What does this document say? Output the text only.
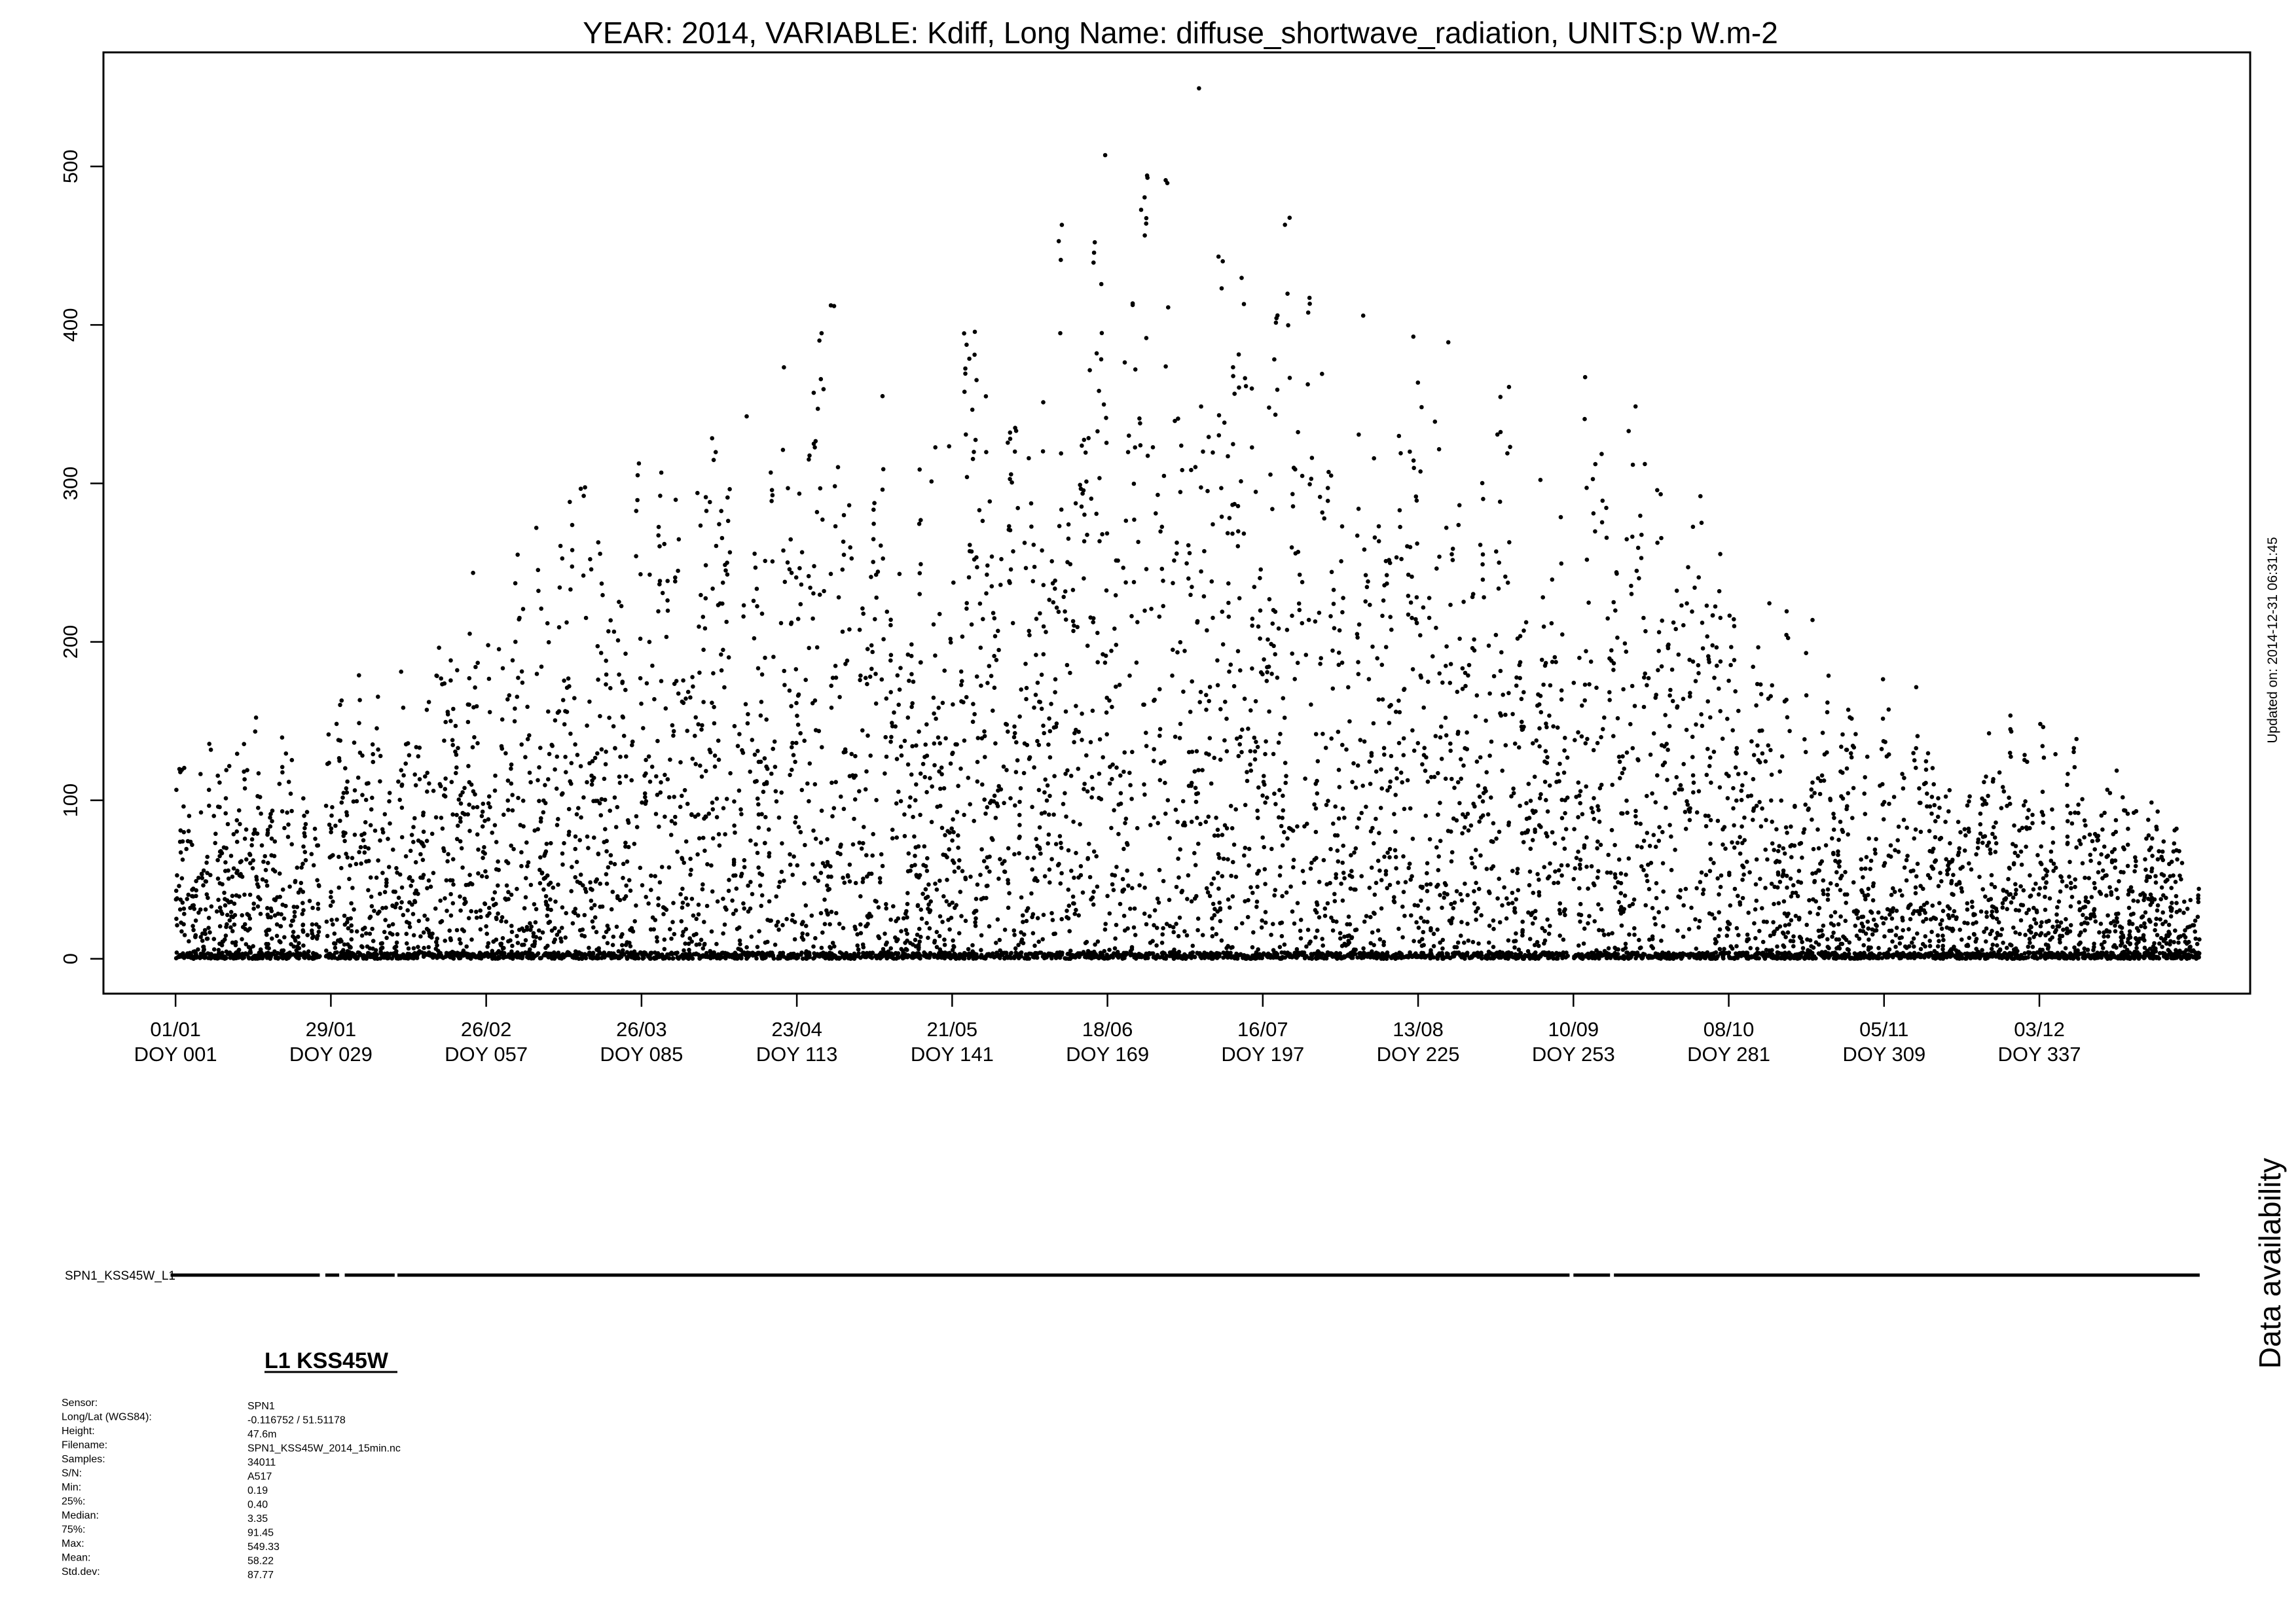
YEAR: 2014, VARIABLE: Kdiff, Long Name: diffuse_shortwave_radiation, UNITS:p W.m-2
0
100
200
300
400
500
01/01
DOY 001
29/01
DOY 029
26/02
DOY 057
26/03
DOY 085
23/04
DOY 113
21/05
DOY 141
18/06
DOY 169
16/07
DOY 197
13/08
DOY 225
10/09
DOY 253
08/10
DOY 281
05/11
DOY 309
03/12
DOY 337
Updated on: 2014-12-31 06:31:45
Data availability
SPN1_KSS45W_L1
L1 KSS45W
Sensor:	SPN1
Long/Lat (WGS84):	-0.116752 / 51.51178
Height:	47.6m
Filename:	SPN1_KSS45W_2014_15min.nc
Samples:	34011
S/N:	A517
Min:	0.19
25%:	0.40
Median:	3.35
75%:	91.45
Max:	549.33
Mean:	58.22
Std.dev:	87.77
